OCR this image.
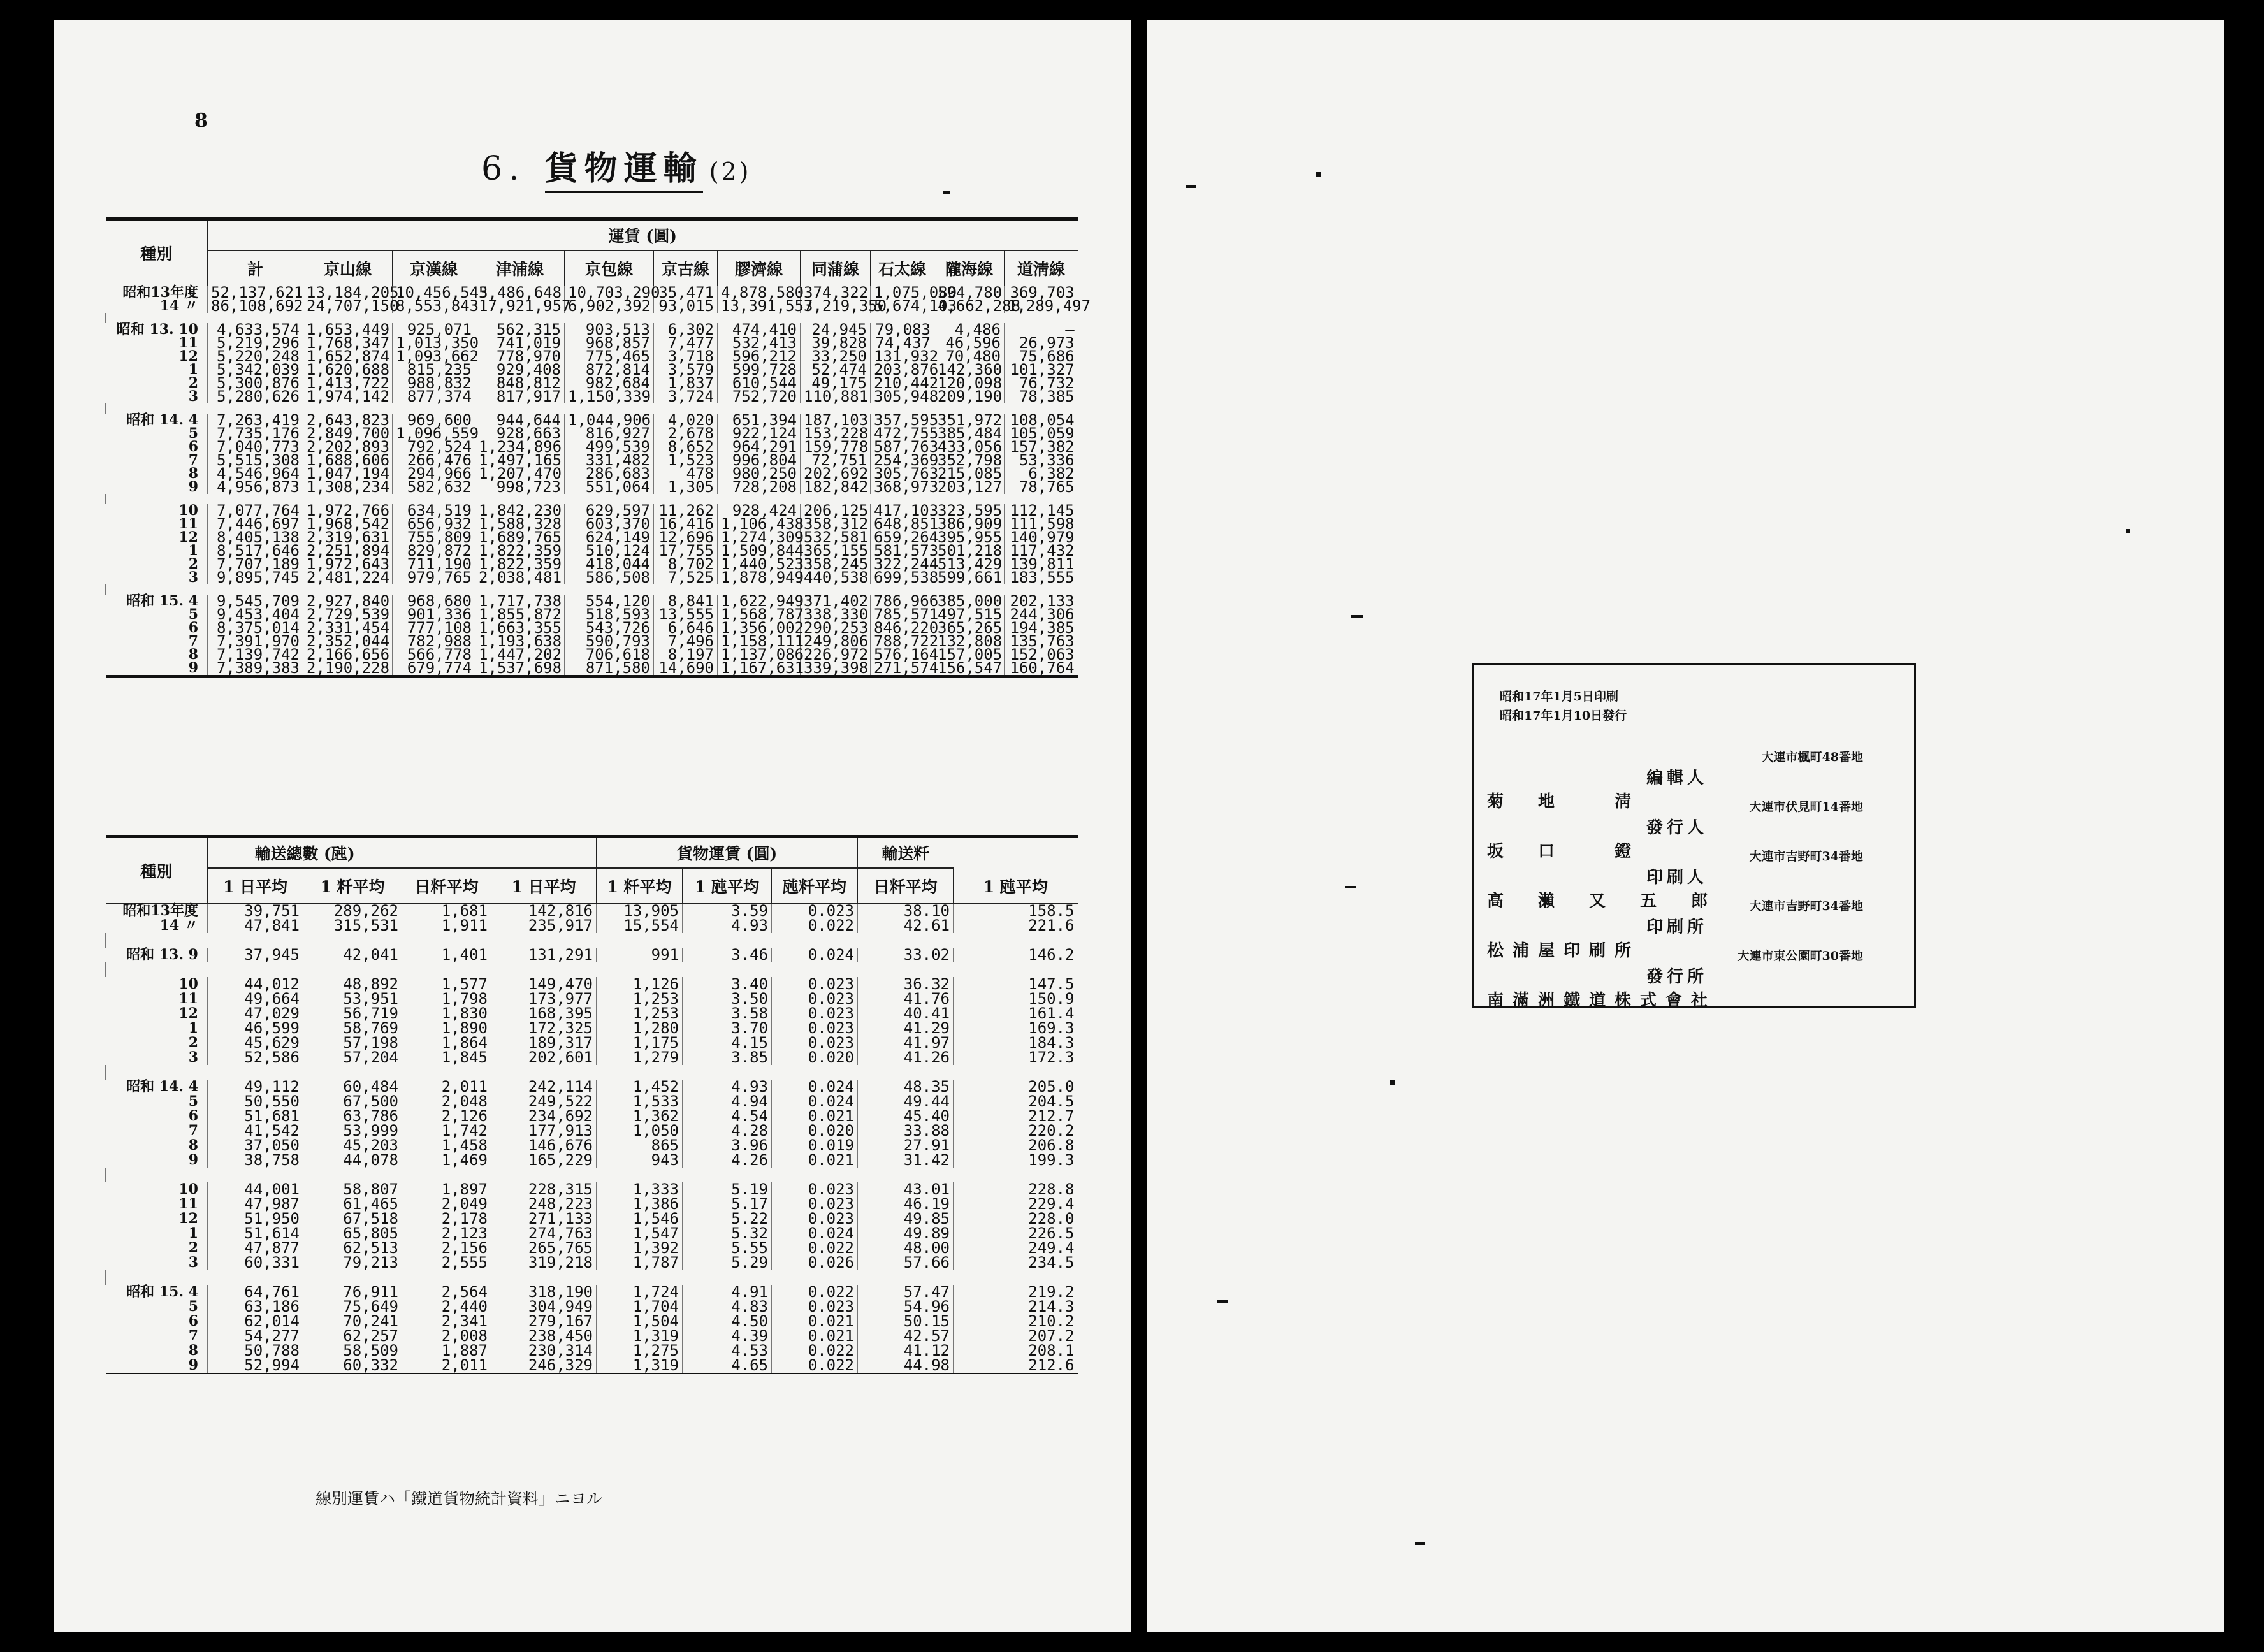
8
6. 貨物運輸 (2)
線別運賃ハ「鐵道貨物統計資料」ニヨル
種別	運賃 (圓)										
	計	京山線	京漢線	津浦線	京包線	京古線	膠濟線	同蒲線	石太線	隴海線	道淸線
昭和13年度	52,137,621	13,184,205	10,456,543	5,486,648	10,703,290	35,471	4,878,580	374,322	1,075,080	594,780	369,703
14 〃	86,108,692	24,707,150	8,553,843	17,921,957	6,902,392	93,015	13,391,557	3,219,350	5,674,103	4,662,288	1,289,497

昭和 13. 10	4,633,574	1,653,449	925,071	562,315	903,513	6,302	474,410	24,945	79,083	4,486	—
11	5,219,296	1,768,347	1,013,350	741,019	968,857	7,477	532,413	39,828	74,437	46,596	26,973
12	5,220,248	1,652,874	1,093,662	778,970	775,465	3,718	596,212	33,250	131,932	70,480	75,686
1	5,342,039	1,620,688	815,235	929,408	872,814	3,579	599,728	52,474	203,876	142,360	101,327
2	5,300,876	1,413,722	988,832	848,812	982,684	1,837	610,544	49,175	210,442	120,098	76,732
3	5,280,626	1,974,142	877,374	817,917	1,150,339	3,724	752,720	110,881	305,948	209,190	78,385

昭和 14. 4	7,263,419	2,643,823	969,600	944,644	1,044,906	4,020	651,394	187,103	357,595	351,972	108,054
5	7,735,176	2,849,700	1,096,559	928,663	816,927	2,678	922,124	153,228	472,755	385,484	105,059
6	7,040,773	2,202,893	792,524	1,234,896	499,539	8,652	964,291	159,778	587,763	433,056	157,382
7	5,515,308	1,688,606	266,476	1,497,165	331,482	1,523	996,804	72,751	254,369	352,798	53,336
8	4,546,964	1,047,194	294,966	1,207,470	286,683	478	980,250	202,692	305,763	215,085	6,382
9	4,956,873	1,308,234	582,632	998,723	551,064	1,305	728,208	182,842	368,973	203,127	78,765

10	7,077,764	1,972,766	634,519	1,842,230	629,597	11,262	928,424	206,125	417,103	323,595	112,145
11	7,446,697	1,968,542	656,932	1,588,328	603,370	16,416	1,106,438	358,312	648,851	386,909	111,598
12	8,405,138	2,319,631	755,809	1,689,765	624,149	12,696	1,274,309	532,581	659,264	395,955	140,979
1	8,517,646	2,251,894	829,872	1,822,359	510,124	17,755	1,509,844	365,155	581,573	501,218	117,432
2	7,707,189	1,972,643	711,190	1,822,359	418,044	8,702	1,440,523	358,245	322,244	513,429	139,811
3	9,895,745	2,481,224	979,765	2,038,481	586,508	7,525	1,878,949	440,538	699,538	599,661	183,555

昭和 15. 4	9,545,709	2,927,840	968,680	1,717,738	554,120	8,841	1,622,949	371,402	786,966	385,000	202,133
5	9,453,404	2,729,539	901,336	1,855,872	518,593	13,555	1,568,787	338,330	785,571	497,515	244,306
6	8,375,014	2,331,454	777,108	1,663,355	543,726	6,646	1,356,002	290,253	846,220	365,265	194,385
7	7,391,970	2,352,044	782,988	1,193,638	590,793	7,496	1,158,111	249,806	788,722	132,808	135,763
8	7,139,742	2,166,656	566,778	1,447,202	706,618	8,197	1,137,086	226,972	576,164	157,005	152,063
9	7,389,383	2,190,228	679,774	1,537,698	871,580	14,690	1,167,631	339,398	271,574	156,547	160,764
種別	輸送總數 (瓲)				貨物運賃 (圓)			輸送粁	
	1 日平均	1 粁平均	日粁平均	1 日平均	1 粁平均	1 瓲平均	瓲粁平均	日粁平均	1 瓲平均
昭和13年度	39,751	289,262	1,681	142,816	13,905	3.59	0.023	38.10	158.5
14 〃	47,841	315,531	1,911	235,917	15,554	4.93	0.022	42.61	221.6

昭和 13. 9	37,945	42,041	1,401	131,291	991	3.46	0.024	33.02	146.2

10	44,012	48,892	1,577	149,470	1,126	3.40	0.023	36.32	147.5
11	49,664	53,951	1,798	173,977	1,253	3.50	0.023	41.76	150.9
12	47,029	56,719	1,830	168,395	1,253	3.58	0.023	40.41	161.4
1	46,599	58,769	1,890	172,325	1,280	3.70	0.023	41.29	169.3
2	45,629	57,198	1,864	189,317	1,175	4.15	0.023	41.97	184.3
3	52,586	57,204	1,845	202,601	1,279	3.85	0.020	41.26	172.3

昭和 14. 4	49,112	60,484	2,011	242,114	1,452	4.93	0.024	48.35	205.0
5	50,550	67,500	2,048	249,522	1,533	4.94	0.024	49.44	204.5
6	51,681	63,786	2,126	234,692	1,362	4.54	0.021	45.40	212.7
7	41,542	53,999	1,742	177,913	1,050	4.28	0.020	33.88	220.2
8	37,050	45,203	1,458	146,676	865	3.96	0.019	27.91	206.8
9	38,758	44,078	1,469	165,229	943	4.26	0.021	31.42	199.3

10	44,001	58,807	1,897	228,315	1,333	5.19	0.023	43.01	228.8
11	47,987	61,465	2,049	248,223	1,386	5.17	0.023	46.19	229.4
12	51,950	67,518	2,178	271,133	1,546	5.22	0.023	49.85	228.0
1	51,614	65,805	2,123	274,763	1,547	5.32	0.024	49.89	226.5
2	47,877	62,513	2,156	265,765	1,392	5.55	0.022	48.00	249.4
3	60,331	79,213	2,555	319,218	1,787	5.29	0.026	57.66	234.5

昭和 15. 4	64,761	76,911	2,564	318,190	1,724	4.91	0.022	57.47	219.2
5	63,186	75,649	2,440	304,949	1,704	4.83	0.023	54.96	214.3
6	62,014	70,241	2,341	279,167	1,504	4.50	0.021	50.15	210.2
7	54,277	62,257	2,008	238,450	1,319	4.39	0.021	42.57	207.2
8	50,788	58,509	1,887	230,314	1,275	4.53	0.022	41.12	208.1
9	52,994	60,332	2,011	246,329	1,319	4.65	0.022	44.98	212.6
昭和17年1月5日印刷
昭和17年1月10日發行
大連市楓町48番地
編輯人菊　地　　淸	大連市伏見町14番地
發行人坂　口　　鐙	大連市吉野町34番地
印刷人高　瀨　又　五　郎	大連市吉野町34番地
印刷所松浦屋印刷所	大連市東公園町30番地
發行所南滿洲鐵道株式會社
